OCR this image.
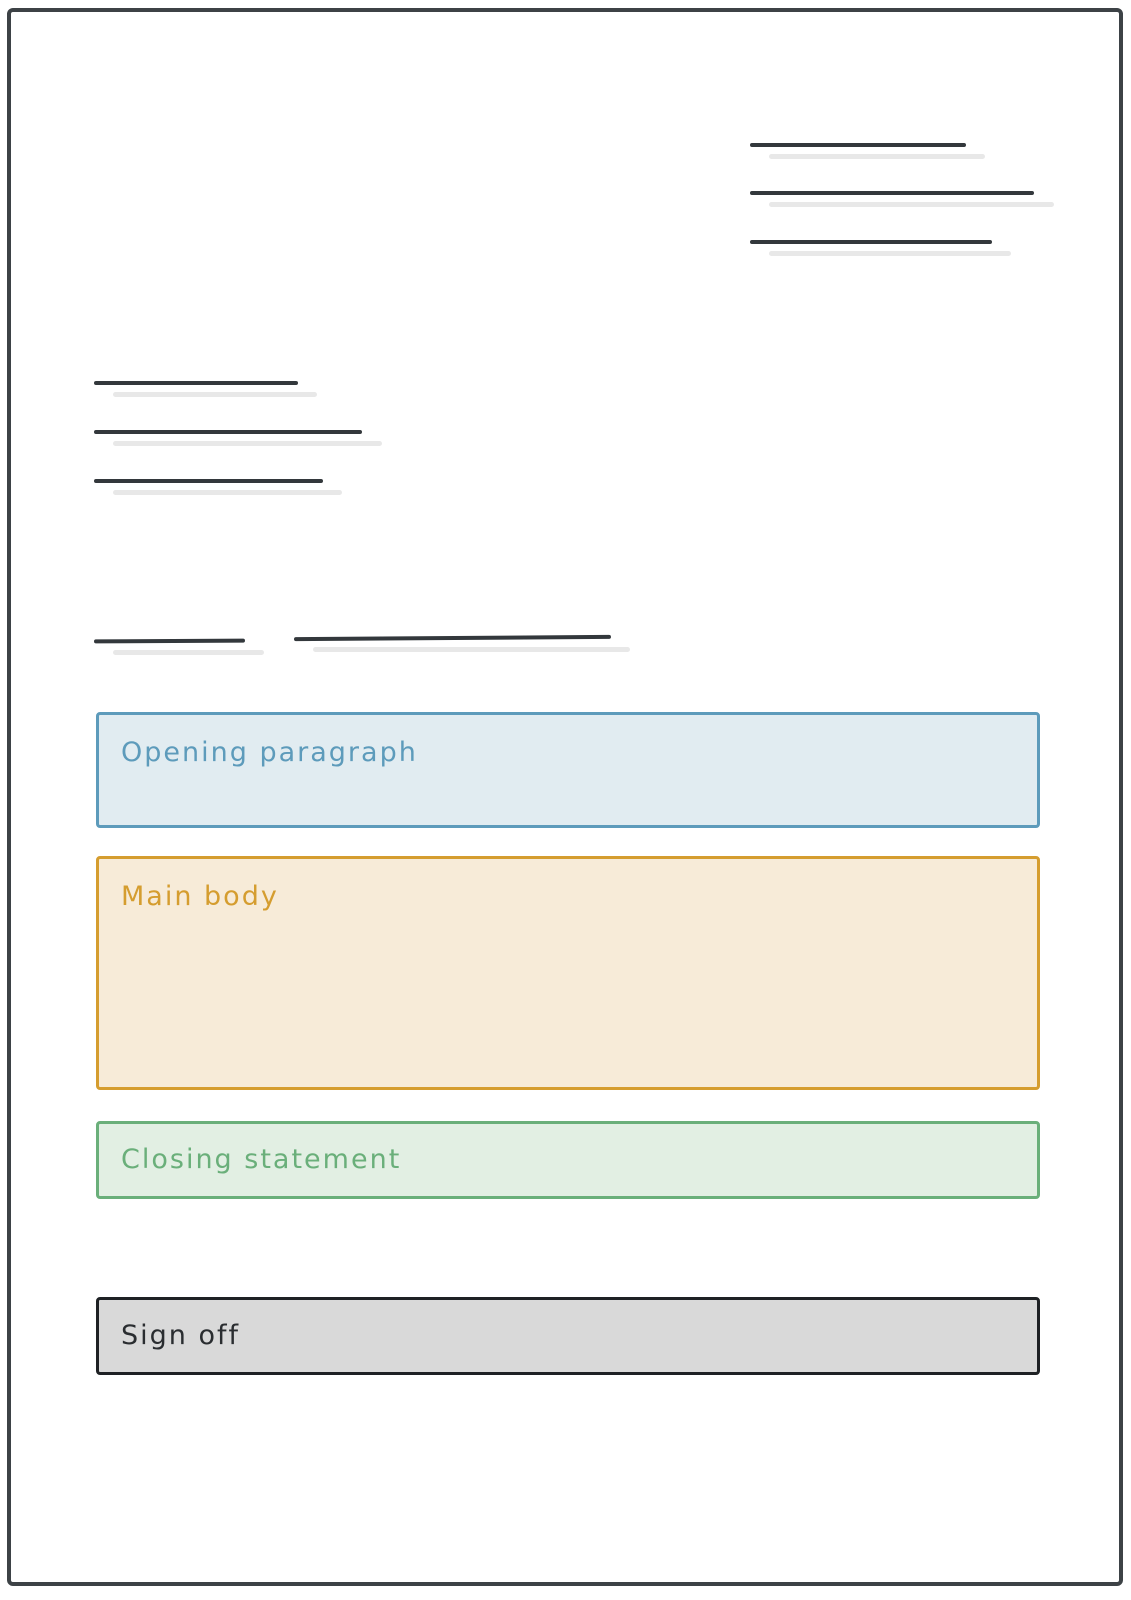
Opening paragraph
Main body
Closing statement
Sign off
